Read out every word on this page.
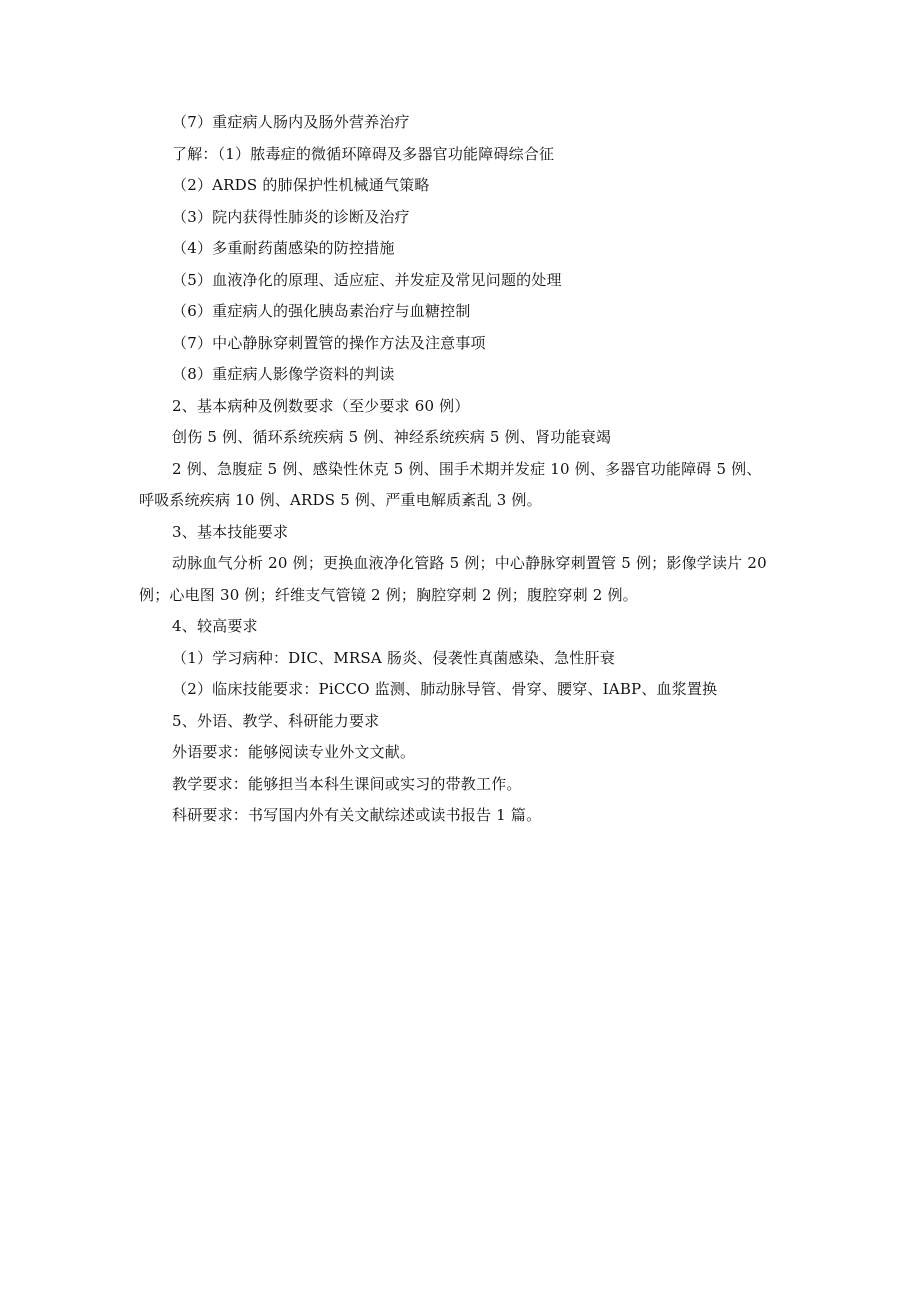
（7）重症病人肠内及肠外营养治疗
了解：（1）脓毒症的微循环障碍及多器官功能障碍综合征
（2）ARDS 的肺保护性机械通气策略
（3）院内获得性肺炎的诊断及治疗
（4）多重耐药菌感染的防控措施
（5）血液净化的原理、适应症、并发症及常见问题的处理
（6）重症病人的强化胰岛素治疗与血糖控制
（7）中心静脉穿刺置管的操作方法及注意事项
（8）重症病人影像学资料的判读
2、基本病种及例数要求（至少要求 60 例）
创伤 5 例、循环系统疾病 5 例、神经系统疾病 5 例、肾功能衰竭
2 例、急腹症 5 例、感染性休克 5 例、围手术期并发症 10 例、多器官功能障碍 5 例、
呼吸系统疾病 10 例、ARDS 5 例、严重电解质紊乱 3 例。
3、基本技能要求
动脉血气分析 20 例；更换血液净化管路 5 例；中心静脉穿刺置管 5 例；影像学读片 20
例；心电图 30 例；纤维支气管镜 2 例；胸腔穿刺 2 例；腹腔穿刺 2 例。
4、较高要求
（1）学习病种：DIC、MRSA 肠炎、侵袭性真菌感染、急性肝衰
（2）临床技能要求：PiCCO 监测、肺动脉导管、骨穿、腰穿、IABP、血浆置换
5、外语、教学、科研能力要求
外语要求：能够阅读专业外文文献。
教学要求：能够担当本科生课间或实习的带教工作。
科研要求：书写国内外有关文献综述或读书报告 1 篇。
